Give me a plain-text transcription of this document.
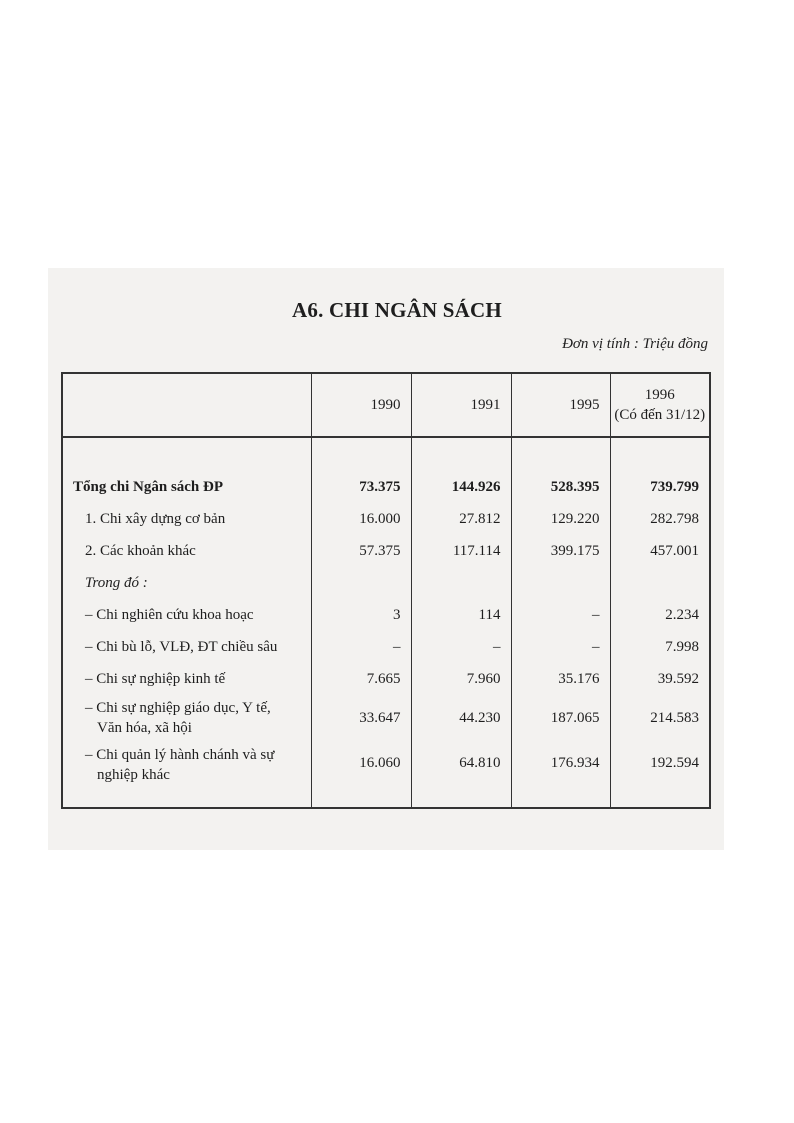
A6. CHI NGÂN SÁCH
Đơn vị tính : Triệu đồng
	1990	1991	1995	1996
(Có đến 31/12)

Tổng chi Ngân sách ĐP	73.375	144.926	528.395	739.799
1. Chi xây dựng cơ bản	16.000	27.812	129.220	282.798
2. Các khoản khác	57.375	117.114	399.175	457.001
Trong đó :				
– Chi nghiên cứu khoa hoạc	3	114	–	2.234
– Chi bù lỗ, VLĐ, ĐT chiều sâu	–	–	–	7.998
– Chi sự nghiệp kinh tế	7.665	7.960	35.176	39.592

– Chi sự nghiệp giáo dục, Y tế,
Văn hóa, xã hội	33.647	44.230	187.065	214.583

– Chi quản lý hành chánh và sự
nghiệp khác	16.060	64.810	176.934	192.594
